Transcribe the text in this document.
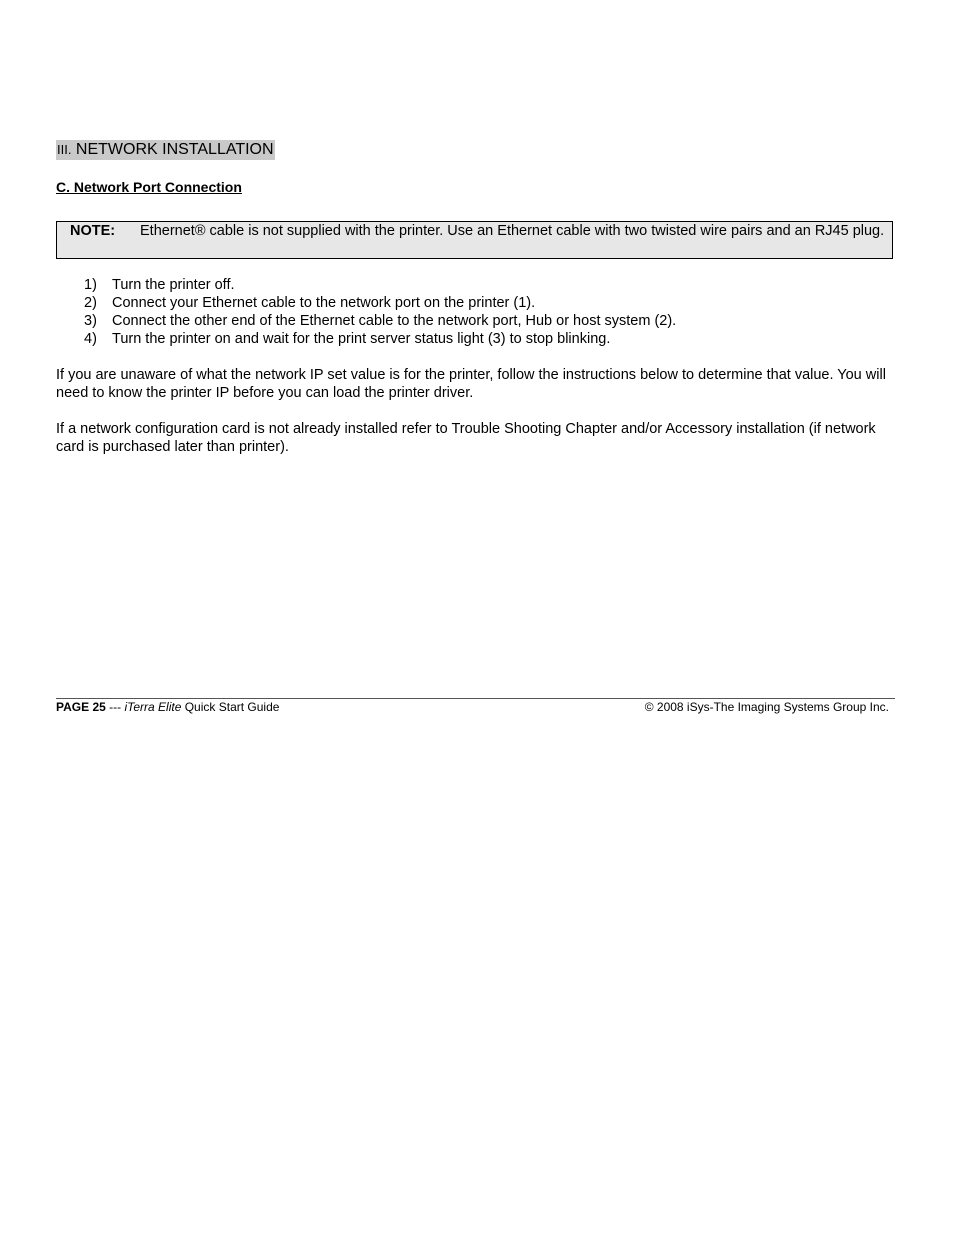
III. NETWORK INSTALLATION
C. Network Port Connection
NOTE: Ethernet® cable is not supplied with the printer. Use an Ethernet cable with two twisted wire pairs and an RJ45 plug.
1) Turn the printer off.
2) Connect your Ethernet cable to the network port on the printer (1).
3) Connect the other end of the Ethernet cable to the network port, Hub or host system (2).
4) Turn the printer on and wait for the print server status light (3) to stop blinking.
If you are unaware of what the network IP set value is for the printer, follow the instructions below to determine that value. You will need to know the printer IP before you can load the printer driver.
If a network configuration card is not already installed refer to Trouble Shooting Chapter and/or Accessory installation (if network card is purchased later than printer).
PAGE 25 --- iTerra Elite Quick Start Guide	© 2008 iSys-The Imaging Systems Group Inc.
